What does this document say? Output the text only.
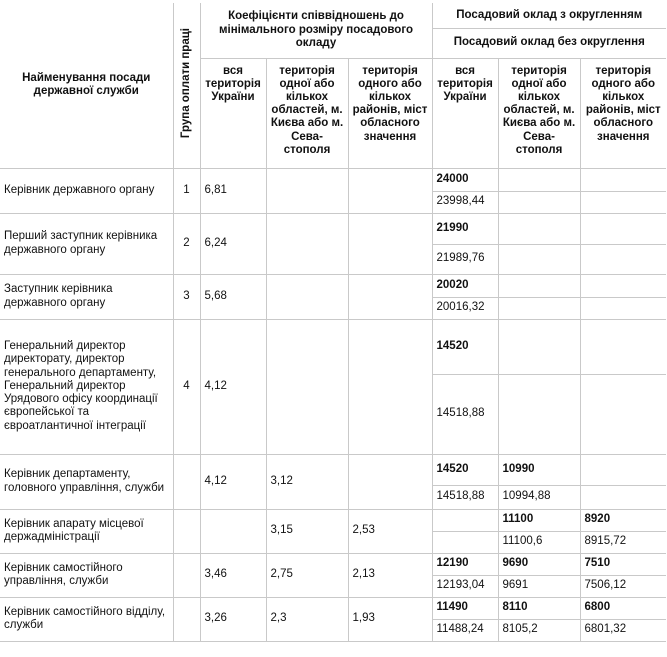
Найменування посади державної служби	Група оплати праці	Коефіцієнти співвідношень до мінімального розміру посадового окладу			Посадовий оклад з округленням		
					Посадовий оклад без округлення		
		вся територія України	територія одної або кількох областей, м. Києва або м. Сева-стополя	територія одного або кількох районів, міст обласного значення	вся територія України	територія одної або кількох областей, м. Києва або м. Сева-стополя	територія одного або кількох районів, міст обласного значення

Керівник державного органу	1	6,81			24000		
					23998,44		
Перший заступник керівника державного органу	2	6,24			21990		
					21989,76		
Заступник керівника державного органу	3	5,68			20020		
					20016,32		
Генеральний директор директорату, директор генерального департаменту, Генеральний директор Урядового офісу координації європейської та євроатлантичної інтеграції	4	4,12			14520		
					14518,88		
Керівник департаменту, головного управління, служби		4,12	3,12		14520	10990	
					14518,88	10994,88	
Керівник апарату місцевої держадміністрації			3,15	2,53		11100	8920
						11100,6	8915,72
Керівник самостійного управління, служби		3,46	2,75	2,13	12190	9690	7510
					12193,04	9691	7506,12
Керівник самостійного відділу, служби		3,26	2,3	1,93	11490	8110	6800
					11488,24	8105,2	6801,32
